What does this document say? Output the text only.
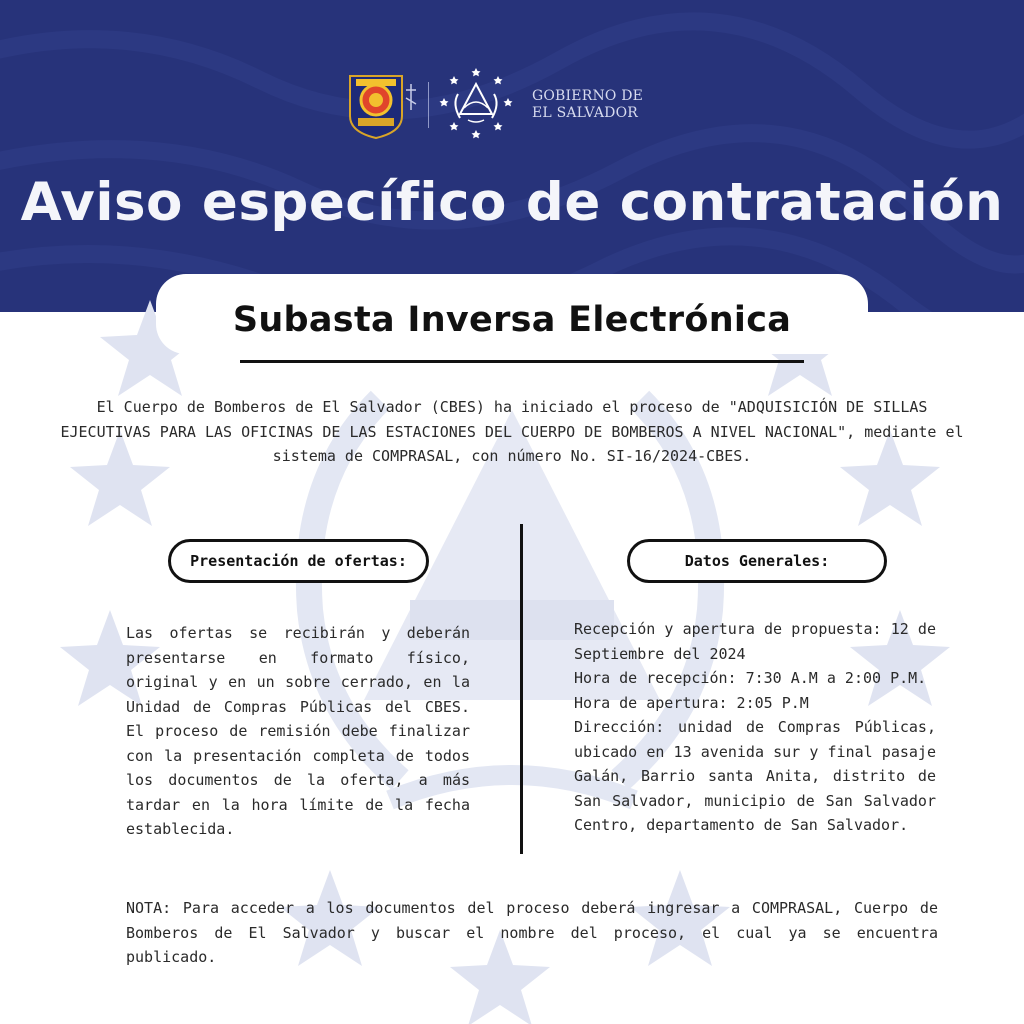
GOBIERNO DE
EL SALVADOR
Aviso específico de contratación
Subasta Inversa Electrónica
El Cuerpo de Bomberos de El Salvador (CBES) ha iniciado el proceso de "ADQUISICIÓN DE SILLAS EJECUTIVAS PARA LAS OFICINAS DE LAS ESTACIONES DEL CUERPO DE BOMBEROS A NIVEL NACIONAL", mediante el sistema de COMPRASAL, con número No. SI-16/2024-CBES.
Presentación de ofertas:	Datos Generales:
Las ofertas se recibirán y deberán presentarse en formato físico, original y en un sobre cerrado, en la Unidad de Compras Públicas del CBES. El proceso de remisión debe finalizar con la presentación completa de todos los documentos de la oferta, a más tardar en la hora límite de la fecha establecida.

Recepción y apertura de propuesta: 12 de Septiembre del 2024

Hora de recepción: 7:30 A.M a 2:00 P.M.

Hora de apertura: 2:05 P.M

Dirección: unidad de Compras Públicas, ubicado en 13 avenida sur y final pasaje Galán, Barrio santa Anita, distrito de San Salvador, municipio de San Salvador Centro, departamento de San Salvador.

NOTA: Para acceder a los documentos del proceso deberá ingresar a COMPRASAL, Cuerpo de Bomberos de El Salvador y buscar el nombre del proceso, el cual ya se encuentra publicado.
